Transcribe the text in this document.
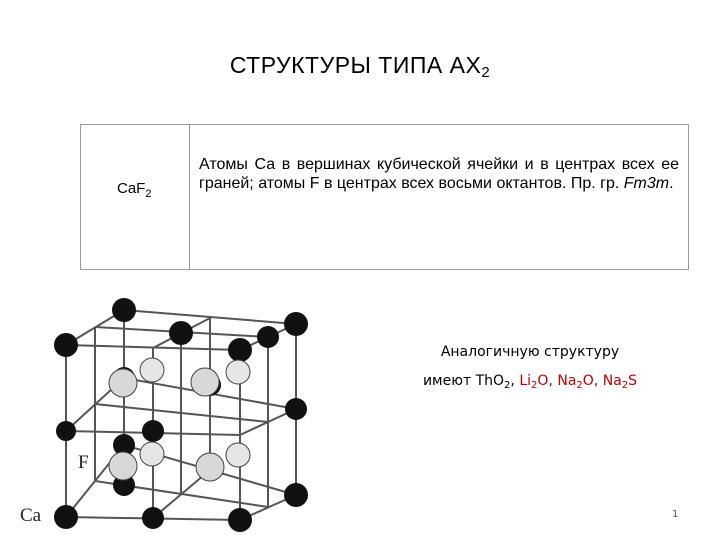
СТРУКТУРЫ ТИПА $АХ_2$
CaF$_2$
Атомы Са в вершинах кубической ячейки и в центрах всех ее граней; атомы F в центрах всех восьми октантов. Пр. гр. Fm3m.
F
Ca
Аналогичную структуру
имеют ThO$_2$, $Li_2O$, $Na_2O$, $Na_2S$
1
